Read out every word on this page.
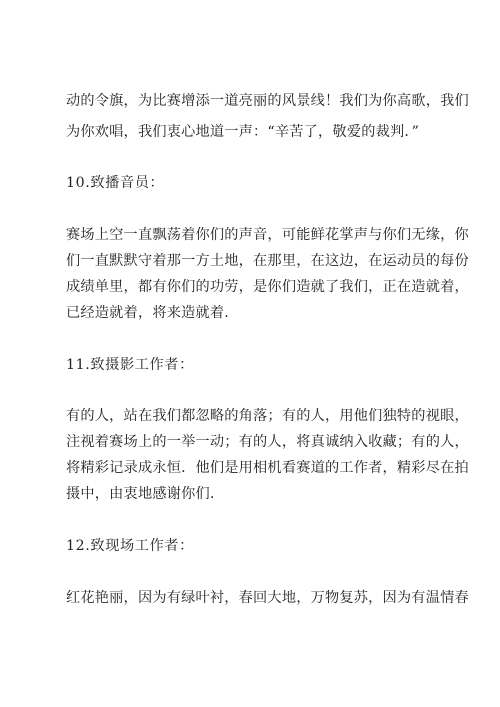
动的令旗，为比赛增添一道亮丽的风景线！我们为你高歌，我们
为你欢唱，我们衷心地道一声：“辛苦了，敬爱的裁判．”
10.致播音员：
赛场上空一直飘荡着你们的声音，可能鲜花掌声与你们无缘，你
们一直默默守着那一方土地，在那里，在这边，在运动员的每份
成绩单里，都有你们的功劳，是你们造就了我们，正在造就着，
已经造就着，将来造就着.
11.致摄影工作者：
有的人，站在我们都忽略的角落；有的人，用他们独特的视眼，
注视着赛场上的一举一动；有的人，将真诚纳入收藏；有的人，
将精彩记录成永恒．他们是用相机看赛道的工作者，精彩尽在拍
摄中，由衷地感谢你们.
12.致现场工作者：
红花艳丽，因为有绿叶衬，春回大地，万物复苏，因为有温情春
